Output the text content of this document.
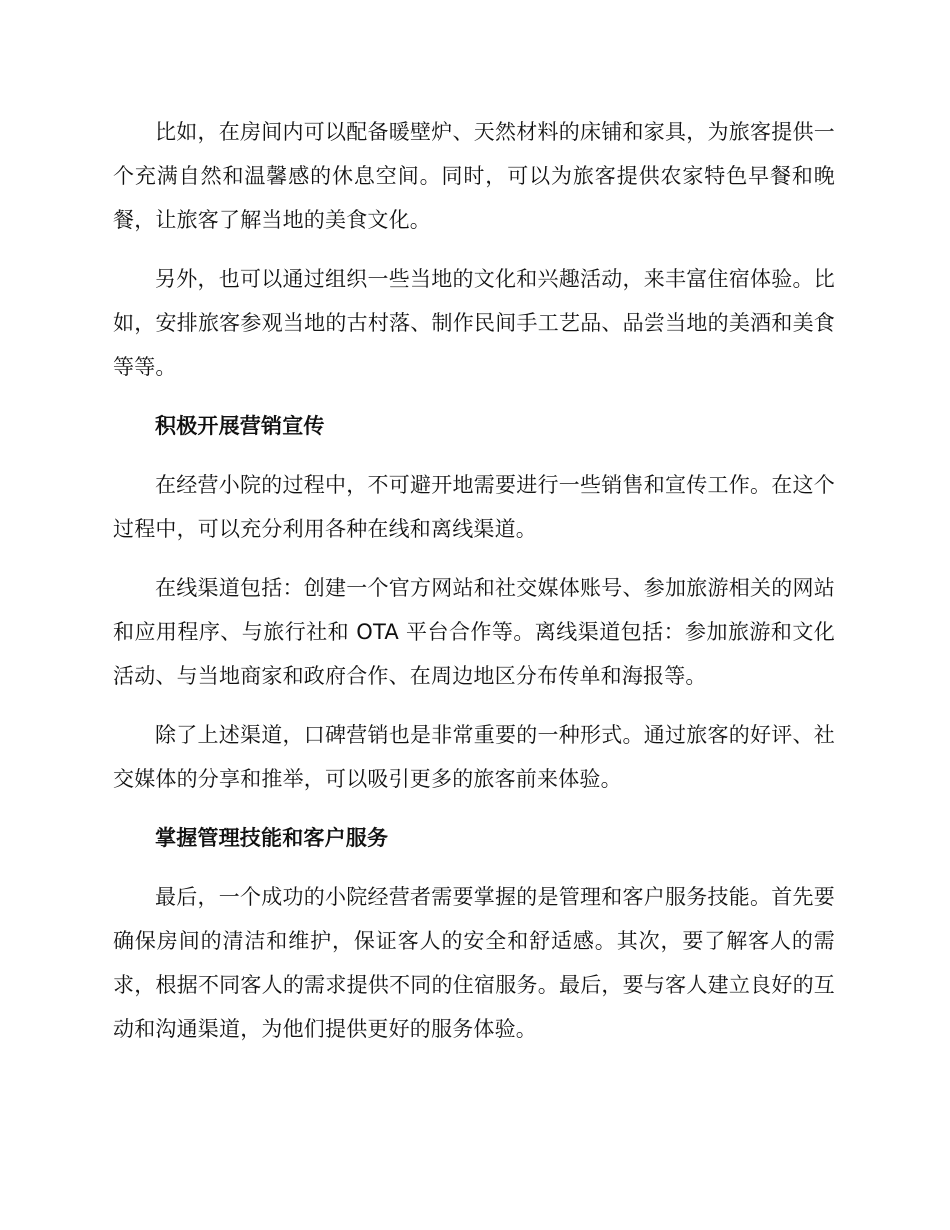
比如，在房间内可以配备暖壁炉、天然材料的床铺和家具，为旅客提供一个充满自然和温馨感的休息空间。同时，可以为旅客提供农家特色早餐和晚餐，让旅客了解当地的美食文化。

另外，也可以通过组织一些当地的文化和兴趣活动，来丰富住宿体验。比如，安排旅客参观当地的古村落、制作民间手工艺品、品尝当地的美酒和美食等等。

积极开展营销宣传

在经营小院的过程中，不可避开地需要进行一些销售和宣传工作。在这个过程中，可以充分利用各种在线和离线渠道。

在线渠道包括：创建一个官方网站和社交媒体账号、参加旅游相关的网站和应用程序、与旅行社和 OTA 平台合作等。离线渠道包括：参加旅游和文化活动、与当地商家和政府合作、在周边地区分布传单和海报等。

除了上述渠道，口碑营销也是非常重要的一种形式。通过旅客的好评、社交媒体的分享和推举，可以吸引更多的旅客前来体验。

掌握管理技能和客户服务

最后，一个成功的小院经营者需要掌握的是管理和客户服务技能。首先要确保房间的清洁和维护，保证客人的安全和舒适感。其次，要了解客人的需求，根据不同客人的需求提供不同的住宿服务。最后，要与客人建立良好的互动和沟通渠道，为他们提供更好的服务体验。
